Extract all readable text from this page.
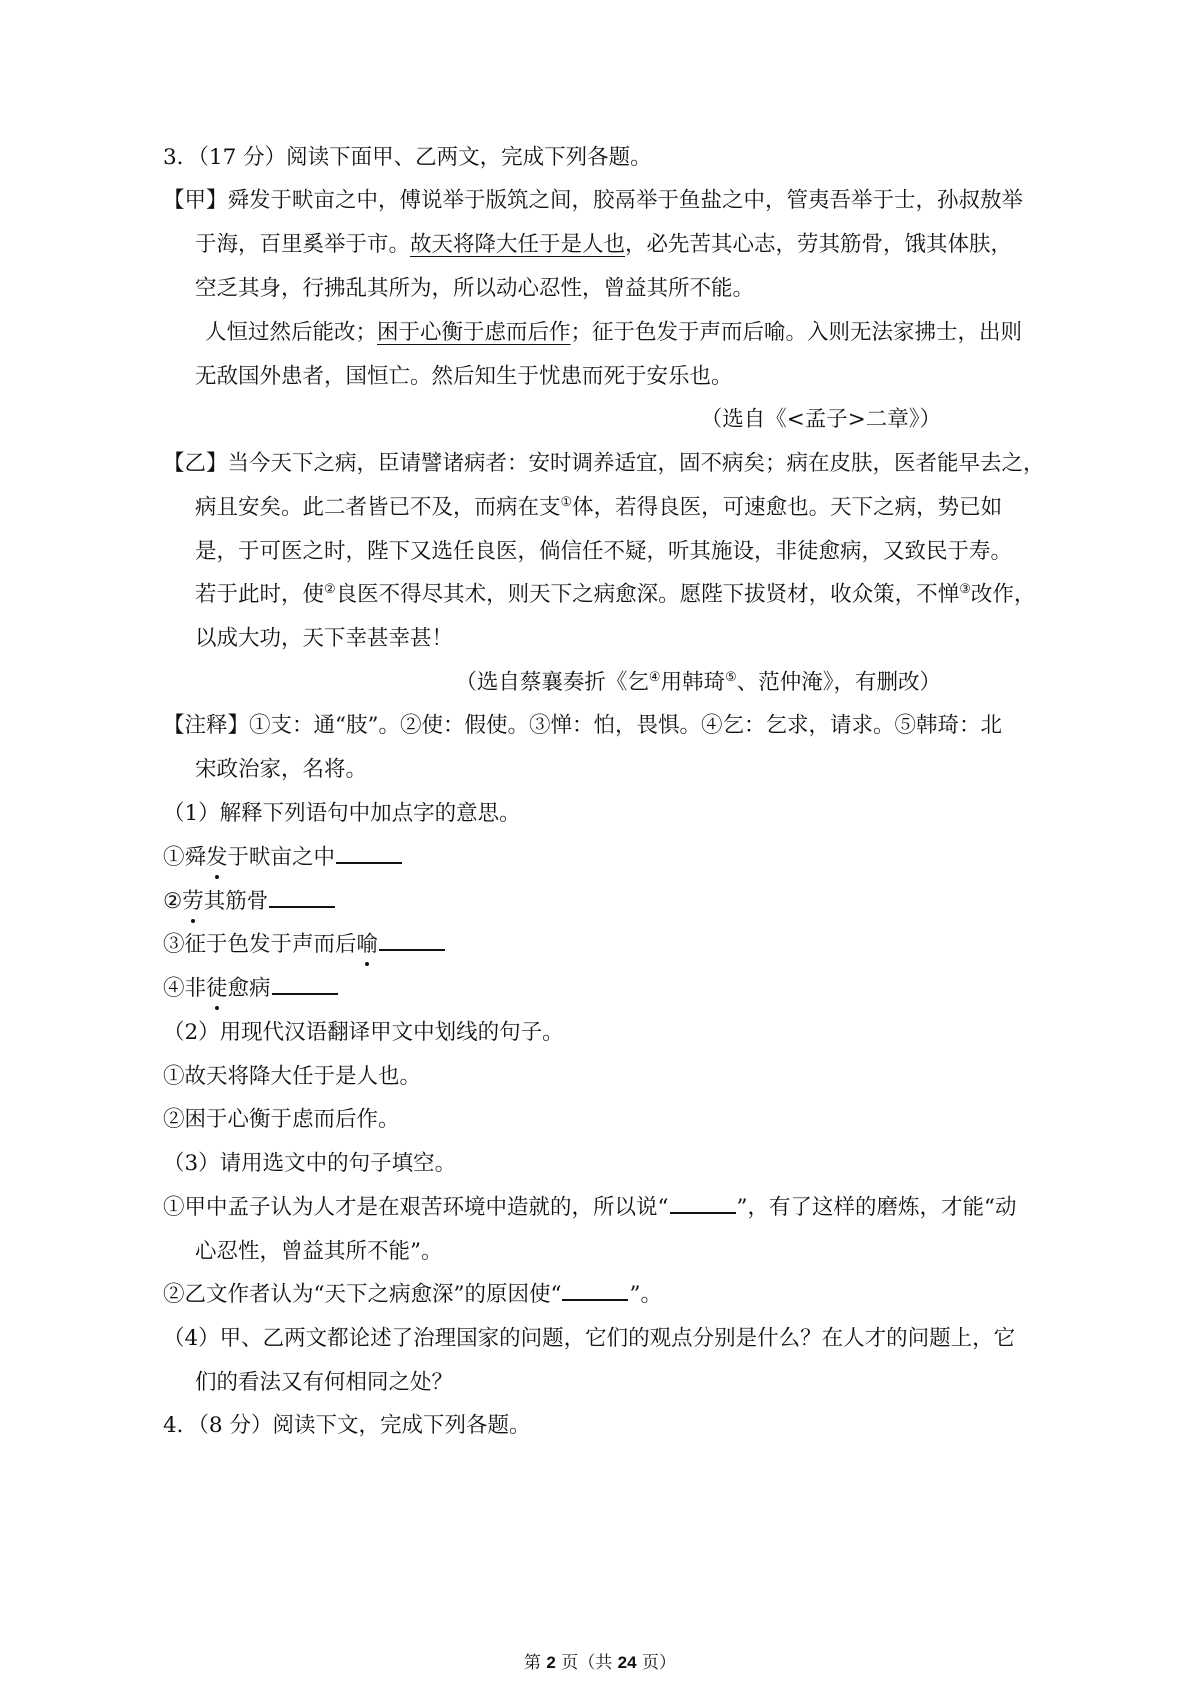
3．（17 分）阅读下面甲、乙两文，完成下列各题。
【甲】舜发于畎亩之中，傅说举于版筑之间，胶鬲举于鱼盐之中，管夷吾举于士，孙叔敖举
于海，百里奚举于市。故天将降大任于是人也，必先苦其心志，劳其筋骨，饿其体肤，
空乏其身，行拂乱其所为，所以动心忍性，曾益其所不能。
人恒过然后能改；困于心衡于虑而后作；征于色发于声而后喻。入则无法家拂士，出则
无敌国外患者，国恒亡。然后知生于忧患而死于安乐也。
（选自《<孟子>二章》）
【乙】当今天下之病，臣请譬诸病者：安时调养适宜，固不病矣；病在皮肤，医者能早去之，
病且安矣。此二者皆已不及，而病在支①体，若得良医，可速愈也。天下之病，势已如
是，于可医之时，陛下又选任良医，倘信任不疑，听其施设，非徒愈病，又致民于寿。
若于此时，使②良医不得尽其术，则天下之病愈深。愿陛下拔贤材，收众策，不惮③改作，
以成大功，天下幸甚幸甚！
（选自蔡襄奏折《乞④用韩琦⑤、范仲淹》，有删改）
【注释】①支：通“肢”。②使：假使。③惮：怕，畏惧。④乞：乞求，请求。⑤韩琦：北
宋政治家，名将。
（1）解释下列语句中加点字的意思。
①舜发于畎亩之中
②劳其筋骨
③征于色发于声而后喻
④非徒愈病
（2）用现代汉语翻译甲文中划线的句子。
①故天将降大任于是人也。
②困于心衡于虑而后作。
（3）请用选文中的句子填空。
①甲中孟子认为人才是在艰苦环境中造就的，所以说“	”，有了这样的磨炼，才能“动
心忍性，曾益其所不能”。
②乙文作者认为“天下之病愈深”的原因使“	”。
（4）甲、乙两文都论述了治理国家的问题，它们的观点分别是什么？在人才的问题上，它
们的看法又有何相同之处？
4．（8 分）阅读下文，完成下列各题。
第 2 页（共 24 页）
